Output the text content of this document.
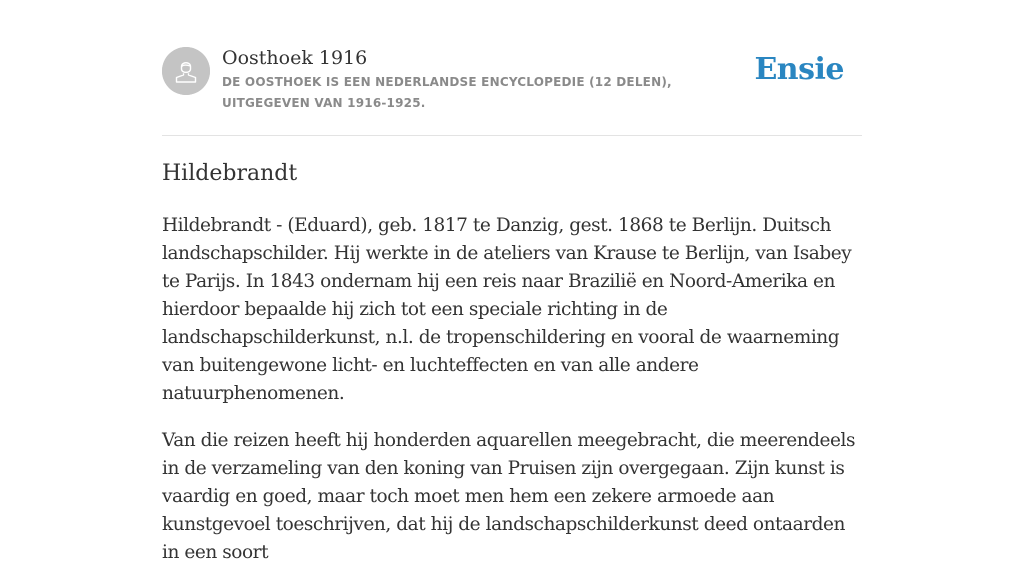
Oosthoek 1916
DE OOSTHOEK IS EEN NEDERLANDSE ENCYCLOPEDIE (12 DELEN), UITGEGEVEN VAN 1916-1925.
Ensie
Hildebrandt

Hildebrandt - (Eduard), geb. 1817 te Danzig, gest. 1868 te Berlijn. Duitsch landschapschilder. Hij werkte in de ateliers van Krause te Berlijn, van Isabey te Parijs. In 1843 ondernam hij een reis naar Brazilië en Noord-Amerika en hierdoor bepaalde hij zich tot een speciale richting in de landschapschilderkunst, n.l. de tropenschildering en vooral de waarneming van buitengewone licht- en luchteffecten en van alle andere natuurphenomenen.

Van die reizen heeft hij honderden aquarellen meegebracht, die meerendeels in de verzameling van den koning van Pruisen zijn overgegaan. Zijn kunst is vaardig en goed, maar toch moet men hem een zekere armoede aan kunstgevoel toeschrijven, dat hij de landschapschilderkunst deed ontaarden in een soort
